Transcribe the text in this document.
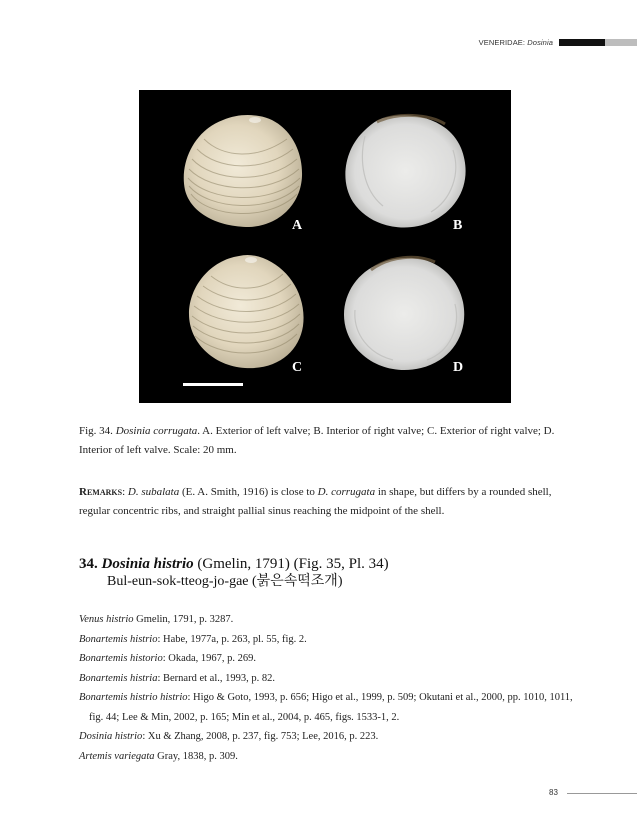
VENERIDAE: Dosinia
A	B
C	D
Fig. 34. Dosinia corrugata. A. Exterior of left valve; B. Interior of right valve; C. Exterior of right valve; D. Interior of left valve. Scale: 20 mm.
Remarks: D. subalata (E. A. Smith, 1916) is close to D. corrugata in shape, but differs by a rounded shell, regular concentric ribs, and straight pallial sinus reaching the midpoint of the shell.
34. Dosinia histrio (Gmelin, 1791) (Fig. 35, Pl. 34)
Bul-eun-sok-tteog-jo-gae (붉은속떡조개)

Venus histrio Gmelin, 1791, p. 3287.

Bonartemis histrio: Habe, 1977a, p. 263, pl. 55, fig. 2.

Bonartemis historio: Okada, 1967, p. 269.

Bonartemis histria: Bernard et al., 1993, p. 82.

Bonartemis histrio histrio: Higo & Goto, 1993, p. 656; Higo et al., 1999, p. 509; Okutani et al., 2000, pp. 1010, 1011, fig. 44; Lee & Min, 2002, p. 165; Min et al., 2004, p. 465, figs. 1533-1, 2.

Dosinia histrio: Xu & Zhang, 2008, p. 237, fig. 753; Lee, 2016, p. 223.

Artemis variegata Gray, 1838, p. 309.

83
